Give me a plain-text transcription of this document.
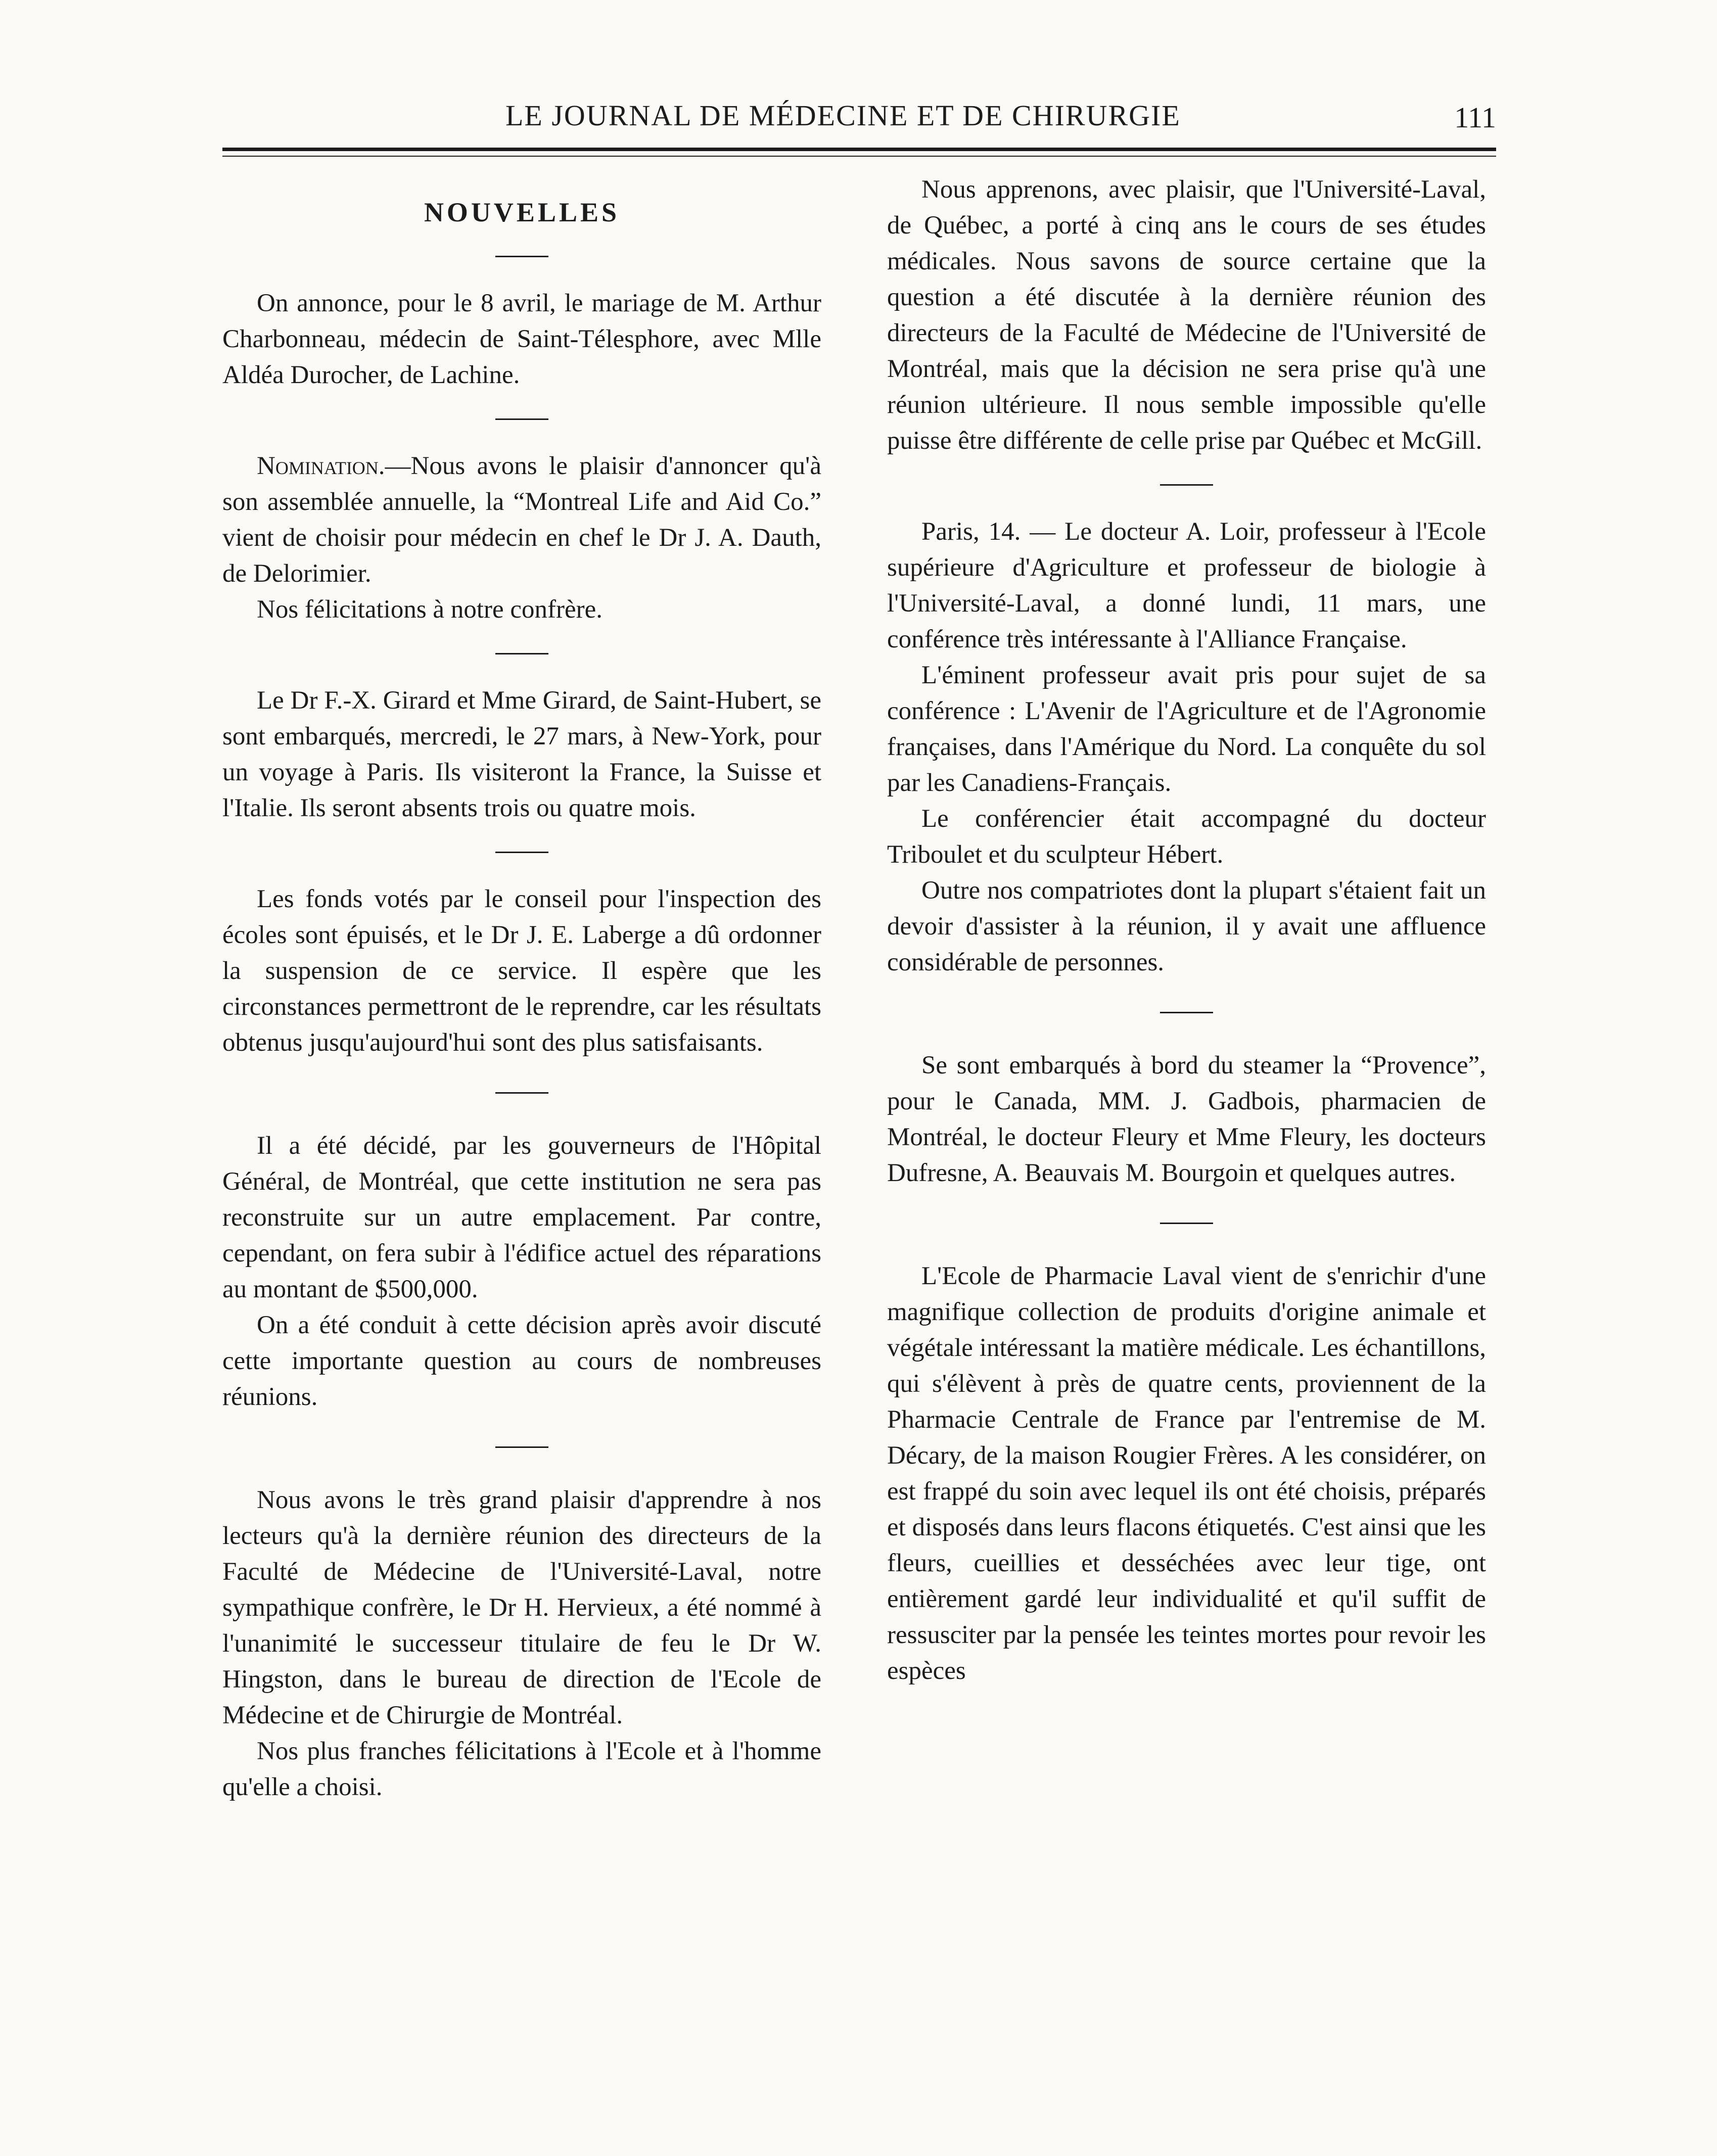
LE JOURNAL DE MÉDECINE ET DE CHIRURGIE	111
NOUVELLES

On annonce, pour le 8 avril, le mariage de M. Arthur Charbonneau, médecin de Saint-Télesphore, avec Mlle Aldéa Durocher, de Lachine.

Nomination.—Nous avons le plaisir d'annoncer qu'à son assemblée annuelle, la “Montreal Life and Aid Co.” vient de choisir pour médecin en chef le Dr J. A. Dauth, de Delorimier.

Nos félicitations à notre confrère.

Le Dr F.-X. Girard et Mme Girard, de Saint-Hubert, se sont embarqués, mercredi, le 27 mars, à New-York, pour un voyage à Paris. Ils visiteront la France, la Suisse et l'Italie. Ils seront absents trois ou quatre mois.

Les fonds votés par le conseil pour l'inspection des écoles sont épuisés, et le Dr J. E. Laberge a dû ordonner la suspension de ce service. Il espère que les circonstances permettront de le reprendre, car les résultats obtenus jusqu'aujourd'hui sont des plus satisfaisants.

Il a été décidé, par les gouverneurs de l'Hôpital Général, de Montréal, que cette institution ne sera pas reconstruite sur un autre emplacement. Par contre, cependant, on fera subir à l'édifice actuel des réparations au montant de $500,000.

On a été conduit à cette décision après avoir discuté cette importante question au cours de nombreuses réunions.

Nous avons le très grand plaisir d'apprendre à nos lecteurs qu'à la dernière réunion des directeurs de la Faculté de Médecine de l'Université-Laval, notre sympathique confrère, le Dr H. Hervieux, a été nommé à l'unanimité le successeur titulaire de feu le Dr W. Hingston, dans le bureau de direction de l'Ecole de Médecine et de Chirurgie de Montréal.

Nos plus franches félicitations à l'Ecole et à l'homme qu'elle a choisi.

Nous apprenons, avec plaisir, que l'Université-Laval, de Québec, a porté à cinq ans le cours de ses études médicales. Nous savons de source certaine que la question a été discutée à la dernière réunion des directeurs de la Faculté de Médecine de l'Université de Montréal, mais que la décision ne sera prise qu'à une réunion ultérieure. Il nous semble impossible qu'elle puisse être différente de celle prise par Québec et McGill.

Paris, 14. — Le docteur A. Loir, professeur à l'Ecole supérieure d'Agriculture et professeur de biologie à l'Université-Laval, a donné lundi, 11 mars, une conférence très intéressante à l'Alliance Française.

L'éminent professeur avait pris pour sujet de sa conférence : L'Avenir de l'Agriculture et de l'Agronomie françaises, dans l'Amérique du Nord. La conquête du sol par les Canadiens-Français.

Le conférencier était accompagné du docteur Triboulet et du sculpteur Hébert.

Outre nos compatriotes dont la plupart s'étaient fait un devoir d'assister à la réunion, il y avait une affluence considérable de personnes.

Se sont embarqués à bord du steamer la “Provence”, pour le Canada, MM. J. Gadbois, pharmacien de Montréal, le docteur Fleury et Mme Fleury, les docteurs Dufresne, A. Beauvais M. Bourgoin et quelques autres.

L'Ecole de Pharmacie Laval vient de s'enrichir d'une magnifique collection de produits d'origine animale et végétale intéressant la matière médicale. Les échantillons, qui s'élèvent à près de quatre cents, proviennent de la Pharmacie Centrale de France par l'entremise de M. Décary, de la maison Rougier Frères. A les considérer, on est frappé du soin avec lequel ils ont été choisis, préparés et disposés dans leurs flacons étiquetés. C'est ainsi que les fleurs, cueillies et desséchées avec leur tige, ont entièrement gardé leur individualité et qu'il suffit de ressusciter par la pensée les teintes mortes pour revoir les espèces
